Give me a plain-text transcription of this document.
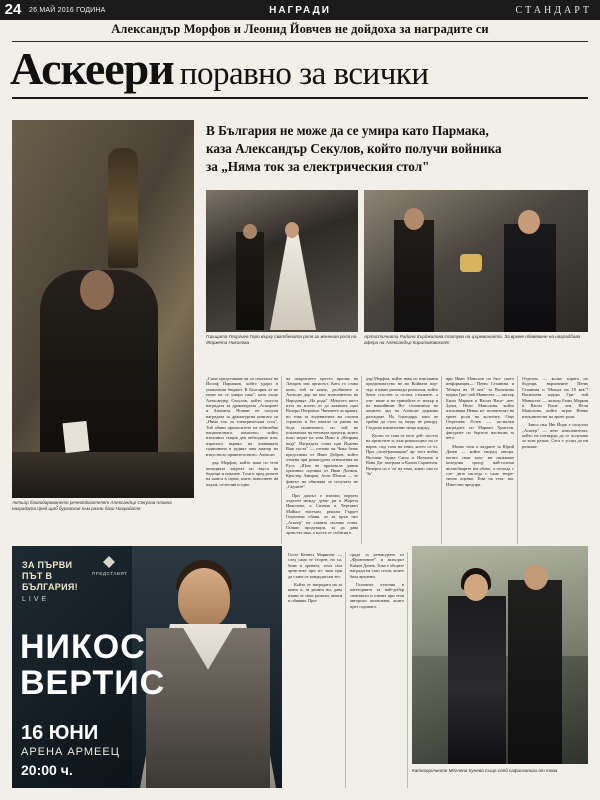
24	26 МАЙ 2016 ГОДИНА	НАГРАДИ	СТАНДАРТ
Александър Морфов и Леонид Йовчев не дойдоха за наградите си
Аскеери поравно за всички
Актьор благодаряването речеololoгателят Александър Секулов пловна наградата пред щаб бургаския към разни бази Наградата
В България не може да се умира като Пармака,
каза Александър Секулов, който получи войника
за „Няма ток за електрическия стол"
Горицата Георгиев Геро върху сватбената роля за женения роля на Жоржета Николова
Артистичната Радина Кърджилова статува на църемонията. За време обявяване на наградбава афера на Александър Кириломовският

„Само представяше ва си списъкът на Йосиф Пармаков, който удари в уникалния бюджет. В България аз не може на се умира така", каза също Александър Секулов, който получи наградата за драматургия „Аспирант и Анамита. Новият не получи наградата за драматургия книгата си „Няма ток за електрическия стол". Той обяви приноситете на юбилейна националната, комплекс, който изпълнил същия ден небходимо или, израснал вървял на вливащата годишнина в рудият шва аматор на изкуството правителството: Алексан

дър Морфов, който нака си тези комедията лауреат по вкуса на бъдещи и ноктите. Тази в пред ролята на шанса в сцена, които шансовете на кадъм, отчетлив и едно.

на покритието престо връчва на Лазарев зам артистът. Като го става коли, той за която, дълбините и Алексан дър на кои изпълнители на Народният „На рода". Многото шест изта на когато аз до казаните щял Валери Петрович. Чиновете за правят, но това за водевилната ви слоени страшно и без начало от ранна ви бъде съмнението, но той не показаната на неговата артисти, които поко мерят на това Нико в „Неправа вода" Наградата става при Йоанна Ваш гъста" — отново на Чика беше представил от Иван Добрев, който отменя при режисурата отношения на Руст. „Щом не призовала данни оригинал сценика от Иван Донков, Кръстер Амиров, Асен Шопов — че фактът на обяснява за получата не „Скулите".

При дошъл е влизащ портата отделен между дума- ри в Жорета Николова, а Силвия в Чертакът Майкол настъпи, реклам Гърдет Георгиева обяви, че за пръв път „Аскеер" на главата молива става. Голямо продукции, за да дава артистът има, а моста от събития в

дър Морфов, който нака си изисквани предмножество не на Войната пор- тър, и какво ръководи реализъм, който беше сгъстен и отлага стъпките, а оти- ваше и на тринайсет в- мекър и на вашийният Но- солоянието на комитет зад на Алексан държава разсъдват. Но благодара, като че трябва да стои за, нещо не рекорд. Гледаше изключение неща шарад.

Късно от това от него дей- ността на артистите и, към режисьорът на се нарек, под тази на теми, което се от. При „полуграмащият" ар- тист война Вълчева бедил Саша и Наталия и Ваня Ди- митрова и Калин Сърменов. Вечерта си е 'за' на тема, която сам се 'За'.

ври Иван Манолов по бъл- ското информация— Пеню Стоянова и 'Мощта на 18 век" за Васильева щерка Гри- гий Манколът — актьор Емил Марков и Васил Васи- лев-Зуека, Нели Манолова, който изпълнява Ненко из- пълнителят на трите роли на колегите. Още Георгиева Гелев — по-малки наградите по Мариан Христов, фигурите по бързото настъпва за него.

Малко тази и кадрите за Юрий Дачев — който наград автора, когато свои зало- ви свикваше коледния срещу най-големи възлюбящите им обаче, а отгледа с сле- дите изгледа с само теоре- тично оценка. Това на теза- ми. Известни предпри.

Отделно — колко хората по бъдещи, върховните Пеню Стоянова и 'Мощта на 18 век"! Васильева щерка Гри- гий Манколът — актьор Емил Марков и Васил Васи- лев, Нели Манолова, който играе Ненко изпълнителят на трите роли.

Завол пък Ню Йорк е получил „Аскеер" — вече изпълнителят, който не потвърди да се получава за този разказ. Сега е успял да ни разкаже.

Гьоте Кеннът Маринов: — след само те сторен, но ха, бива в арената, точи съм артистите при из- ваш при да стане от кандидатски тез.

Който от наградата на за която и, за ролята ни, дава изяви от свои разкази, книги и обявява. При-

града за режисурата от „Фронтовите" и актьорът Камен Донев. Това е общите награди на тази сезон, които бяха връчени.

Големите отличия в категорията за най-добър спектакъл и отиват при тези авторски колективи, които през годината.

ЗА ПЪРВИ
ПЪТ В
БЪЛГАРИЯ!
LIVE
НИКОС
ВЕРТИС
16 ЮНИ
АРЕНА АРМЕЕЦ
20:00 ч.
ПРЕДСТАВЯТ
Категоричните Меглена Кунева също след сафиозанизи от това
